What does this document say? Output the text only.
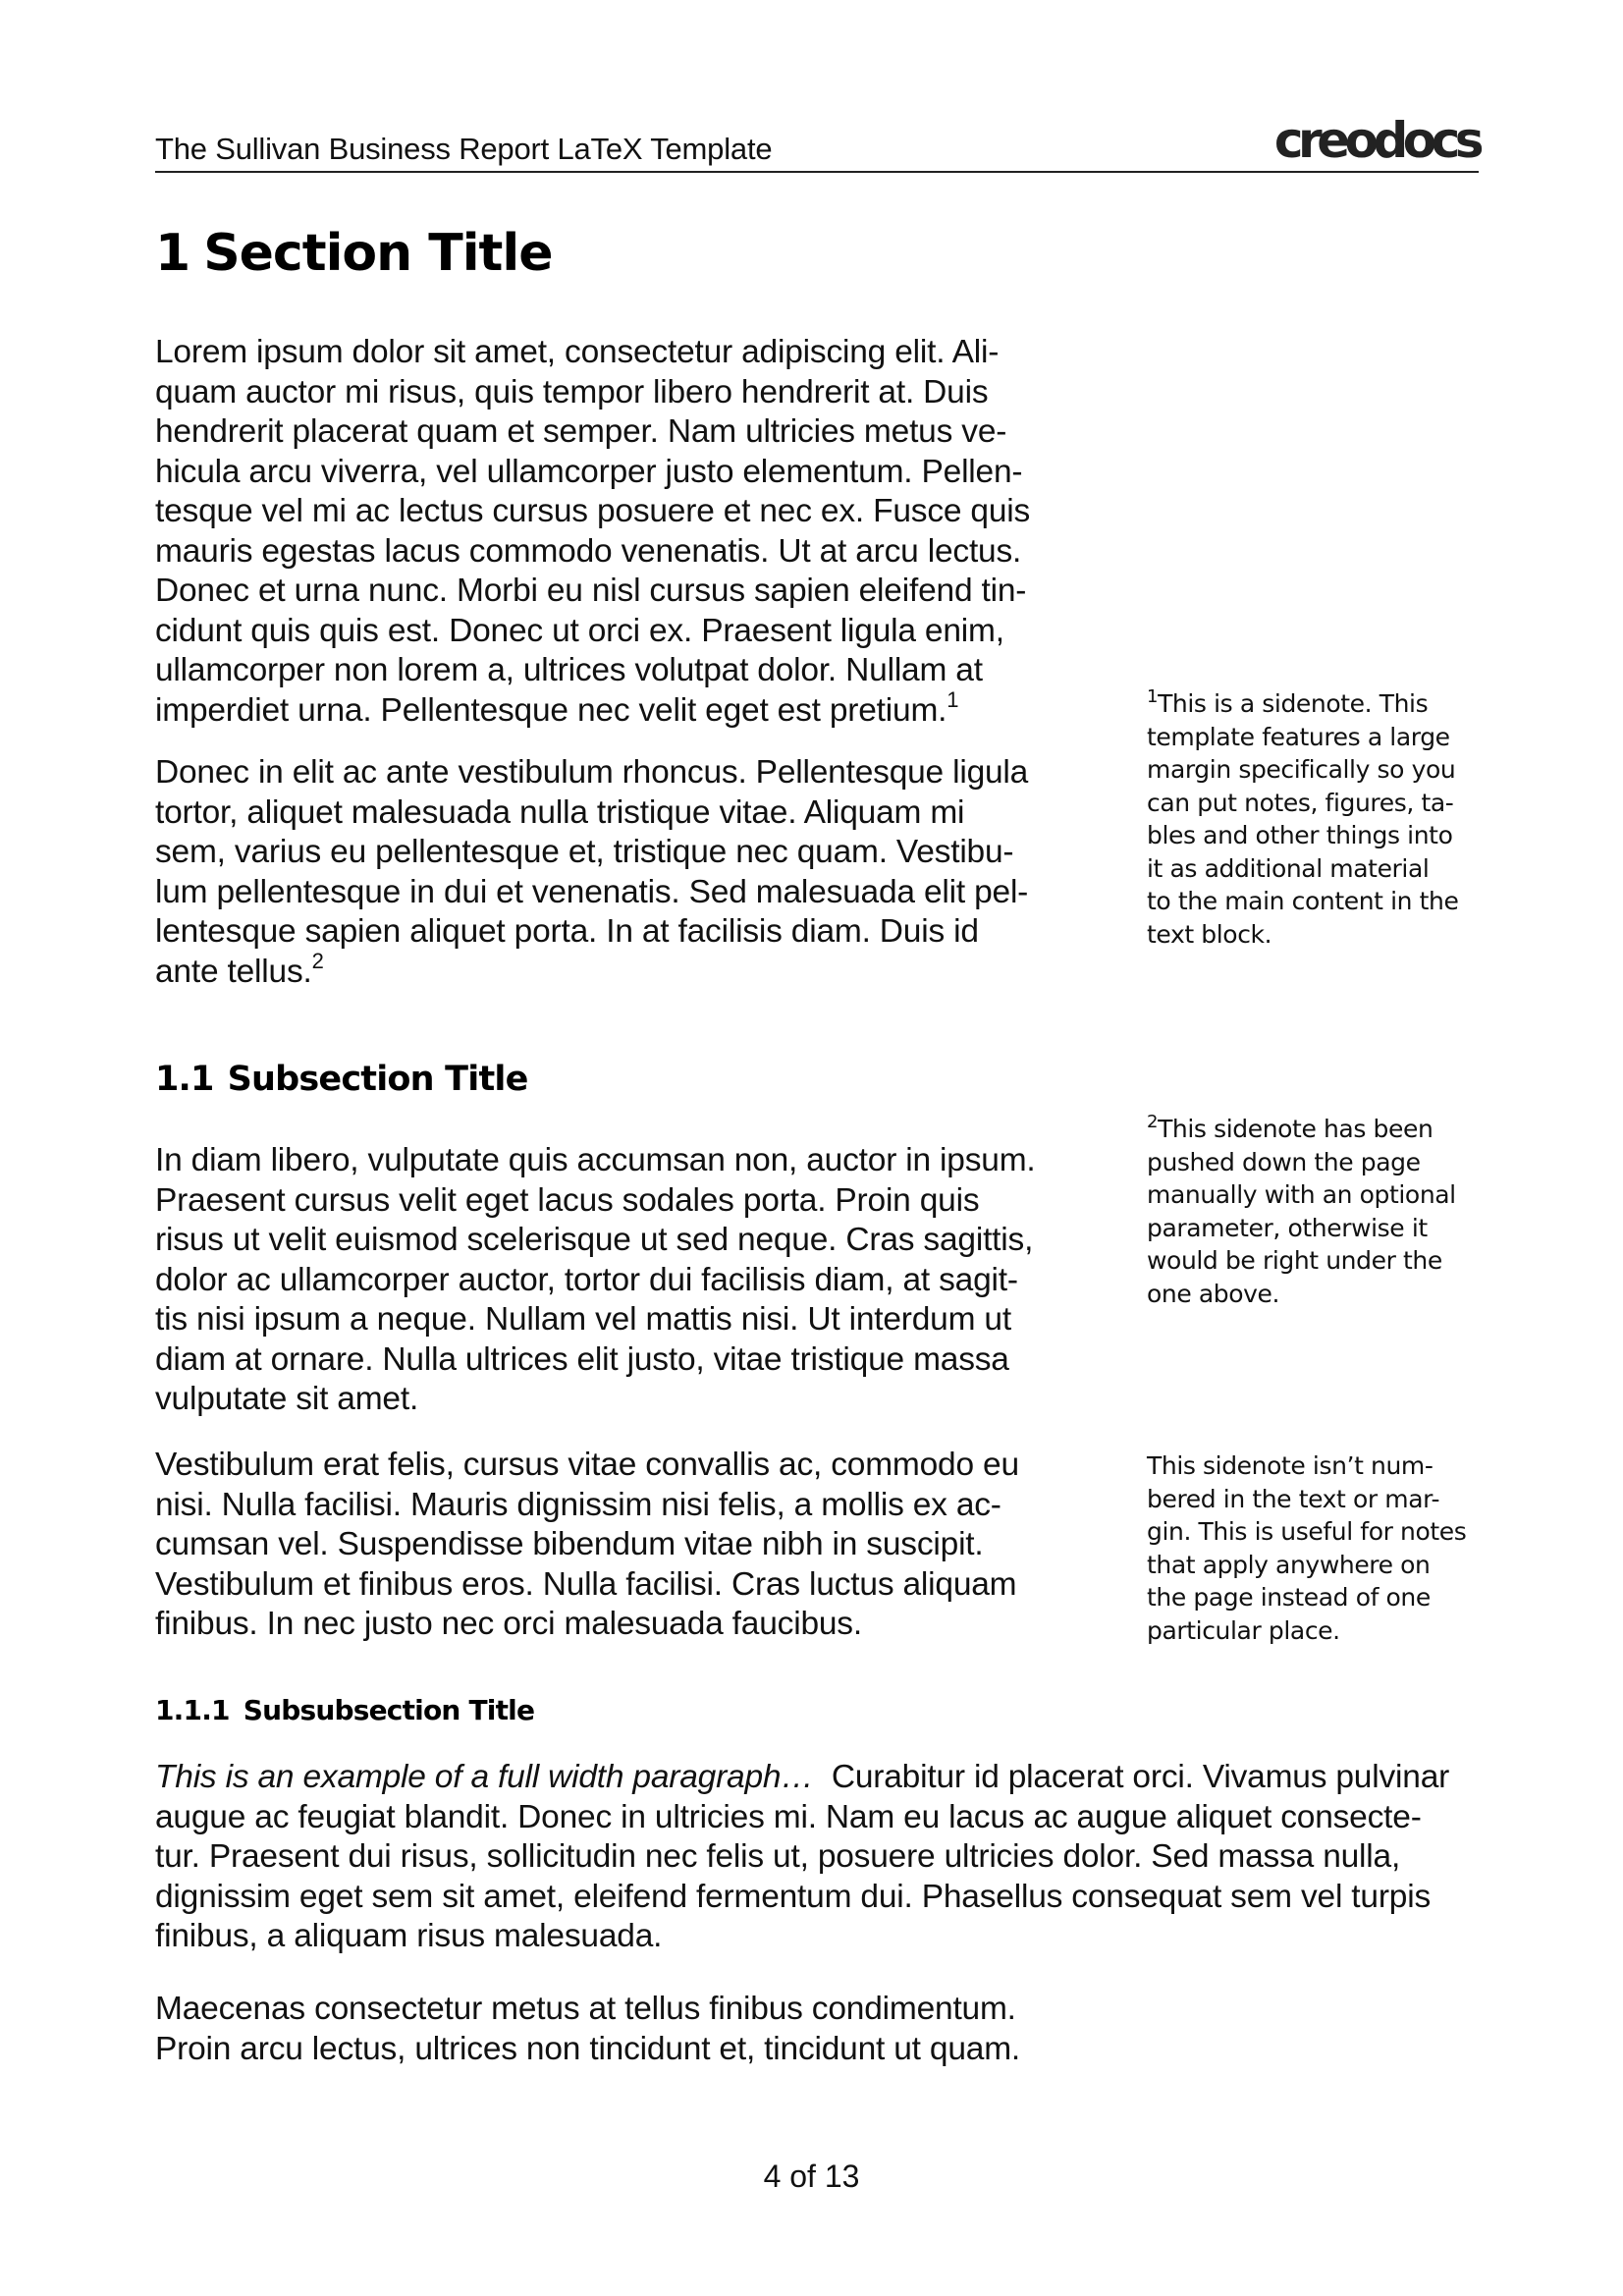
The Sullivan Business Report LaTeX Template	creodocs
1 Section Title
Lorem ipsum dolor sit amet, consectetur adipiscing elit. Ali-
quam auctor mi risus, quis tempor libero hendrerit at. Duis
hendrerit placerat quam et semper. Nam ultricies metus ve-
hicula arcu viverra, vel ullamcorper justo elementum. Pellen-
tesque vel mi ac lectus cursus posuere et nec ex. Fusce quis
mauris egestas lacus commodo venenatis. Ut at arcu lectus.
Donec et urna nunc. Morbi eu nisl cursus sapien eleifend tin-
cidunt quis quis est. Donec ut orci ex. Praesent ligula enim,
ullamcorper non lorem a, ultrices volutpat dolor. Nullam at
imperdiet urna. Pellentesque nec velit eget est pretium.$^1$
Donec in elit ac ante vestibulum rhoncus. Pellentesque ligula
tortor, aliquet malesuada nulla tristique vitae. Aliquam mi
sem, varius eu pellentesque et, tristique nec quam. Vestibu-
lum pellentesque in dui et venenatis. Sed malesuada elit pel-
lentesque sapien aliquet porta. In at facilisis diam. Duis id
ante tellus.$^2$
1.1 Subsection Title
In diam libero, vulputate quis accumsan non, auctor in ipsum.
Praesent cursus velit eget lacus sodales porta. Proin quis
risus ut velit euismod scelerisque ut sed neque. Cras sagittis,
dolor ac ullamcorper auctor, tortor dui facilisis diam, at sagit-
tis nisi ipsum a neque. Nullam vel mattis nisi. Ut interdum ut
diam at ornare. Nulla ultrices elit justo, vitae tristique massa
vulputate sit amet.
Vestibulum erat felis, cursus vitae convallis ac, commodo eu
nisi. Nulla facilisi. Mauris dignissim nisi felis, a mollis ex ac-
cumsan vel. Suspendisse bibendum vitae nibh in suscipit.
Vestibulum et finibus eros. Nulla facilisi. Cras luctus aliquam
finibus. In nec justo nec orci malesuada faucibus.
1.1.1 Subsubsection Title
This is an example of a full width paragraph… Curabitur id placerat orci. Vivamus pulvinar
augue ac feugiat blandit. Donec in ultricies mi. Nam eu lacus ac augue aliquet consecte-
tur. Praesent dui risus, sollicitudin nec felis ut, posuere ultricies dolor. Sed massa nulla,
dignissim eget sem sit amet, eleifend fermentum dui. Phasellus consequat sem vel turpis
finibus, a aliquam risus malesuada.
Maecenas consectetur metus at tellus finibus condimentum.
Proin arcu lectus, ultrices non tincidunt et, tincidunt ut quam.
$^1$This is a sidenote. This
template features a large
margin specifically so you
can put notes, figures, ta-
bles and other things into
it as additional material
to the main content in the
text block.
$^2$This sidenote has been
pushed down the page
manually with an optional
parameter, otherwise it
would be right under the
one above.
This sidenote isn’t num-
bered in the text or mar-
gin. This is useful for notes
that apply anywhere on
the page instead of one
particular place.
4 of 13
